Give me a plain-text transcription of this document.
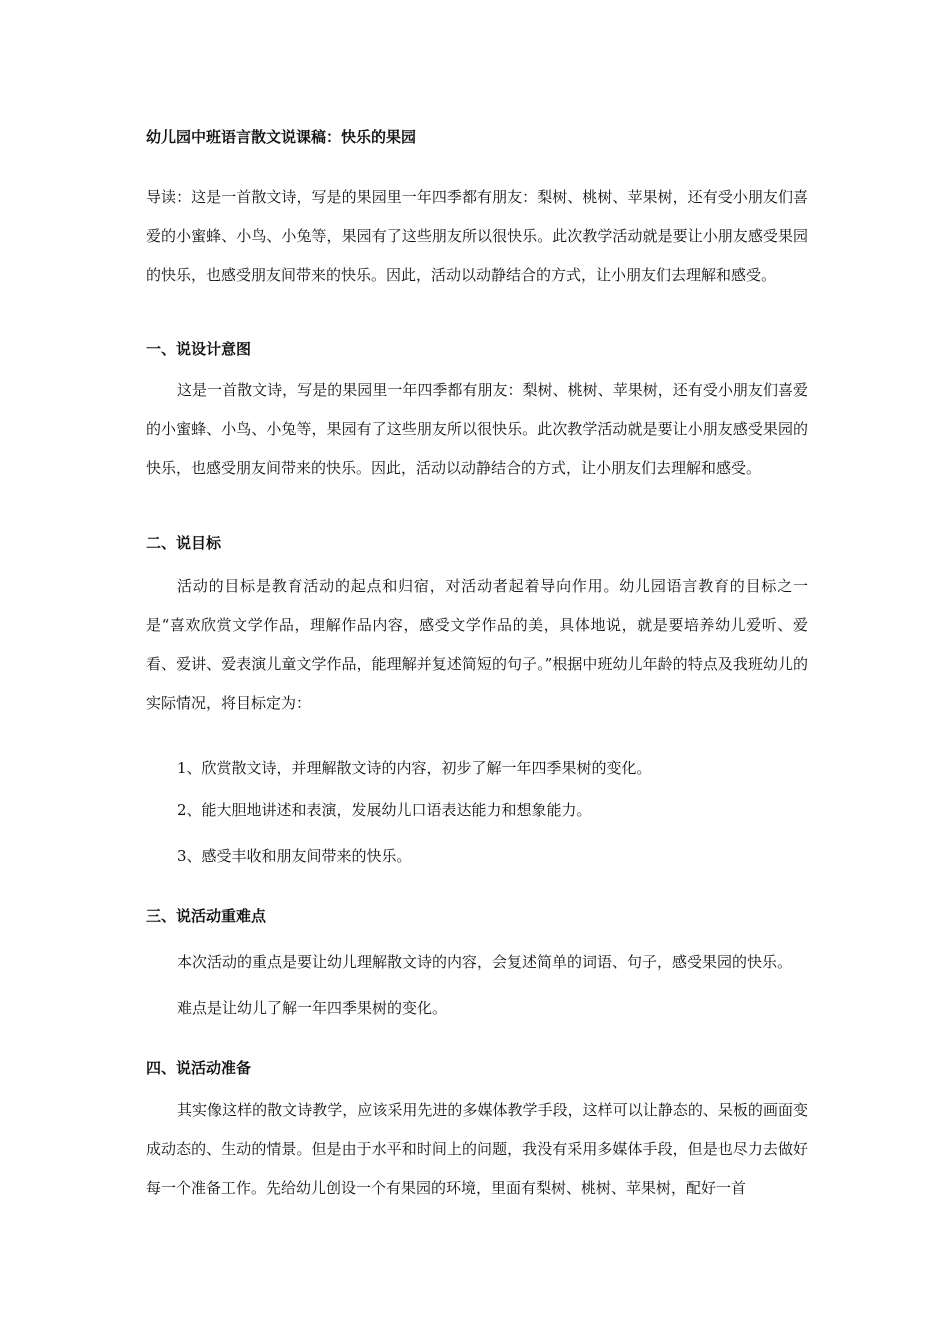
幼儿园中班语言散文说课稿：快乐的果园

导读：这是一首散文诗，写是的果园里一年四季都有朋友：梨树、桃树、苹果树，还有受小朋友们喜爱的小蜜蜂、小鸟、小兔等，果园有了这些朋友所以很快乐。此次教学活动就是要让小朋友感受果园的快乐，也感受朋友间带来的快乐。因此，活动以动静结合的方式，让小朋友们去理解和感受。

一、说设计意图

这是一首散文诗，写是的果园里一年四季都有朋友：梨树、桃树、苹果树，还有受小朋友们喜爱的小蜜蜂、小鸟、小兔等，果园有了这些朋友所以很快乐。此次教学活动就是要让小朋友感受果园的快乐，也感受朋友间带来的快乐。因此，活动以动静结合的方式，让小朋友们去理解和感受。

二、说目标

活动的目标是教育活动的起点和归宿，对活动者起着导向作用。幼儿园语言教育的目标之一是“喜欢欣赏文学作品，理解作品内容，感受文学作品的美，具体地说，就是要培养幼儿爱听、爱看、爱讲、爱表演儿童文学作品，能理解并复述简短的句子。”根据中班幼儿年龄的特点及我班幼儿的实际情况，将目标定为：

1、欣赏散文诗，并理解散文诗的内容，初步了解一年四季果树的变化。
2、能大胆地讲述和表演，发展幼儿口语表达能力和想象能力。
3、感受丰收和朋友间带来的快乐。
三、说活动重难点
本次活动的重点是要让幼儿理解散文诗的内容，会复述简单的词语、句子，感受果园的快乐。
难点是让幼儿了解一年四季果树的变化。
四、说活动准备

其实像这样的散文诗教学，应该采用先进的多媒体教学手段，这样可以让静态的、呆板的画面变成动态的、生动的情景。但是由于水平和时间上的问题，我没有采用多媒体手段，但是也尽力去做好每一个准备工作。先给幼儿创设一个有果园的环境，里面有梨树、桃树、苹果树，配好一首
